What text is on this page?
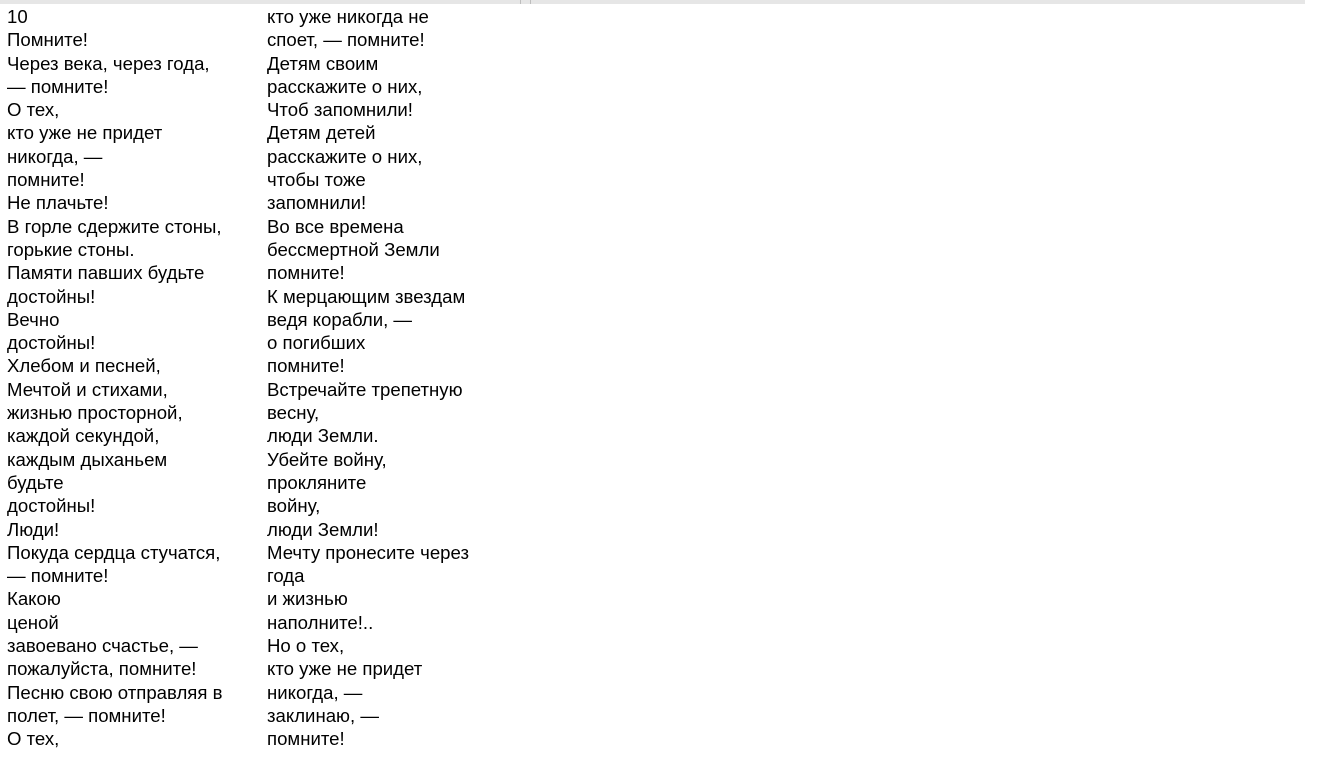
10
Помните!
Через века, через года,
— помните!
О тех,
кто уже не придет
никогда, —
помните!
Не плачьте!
В горле сдержите стоны,
горькие стоны.
Памяти павших будьте
достойны!
Вечно
достойны!
Хлебом и песней,
Мечтой и стихами,
жизнью просторной,
каждой секундой,
каждым дыханьем
будьте
достойны!
Люди!
Покуда сердца стучатся,
— помните!
Какою
ценой
завоевано счастье, —
пожалуйста, помните!
Песню свою отправляя в
полет, — помните!
О тех,
кто уже никогда не
споет, — помните!
Детям своим
расскажите о них,
Чтоб запомнили!
Детям детей
расскажите о них,
чтобы тоже
запомнили!
Во все времена
бессмертной Земли
помните!
К мерцающим звездам
ведя корабли, —
о погибших
помните!
Встречайте трепетную
весну,
люди Земли.
Убейте войну,
прокляните
войну,
люди Земли!
Мечту пронесите через
года
и жизнью
наполните!..
Но о тех,
кто уже не придет
никогда, —
заклинаю, —
помните!
